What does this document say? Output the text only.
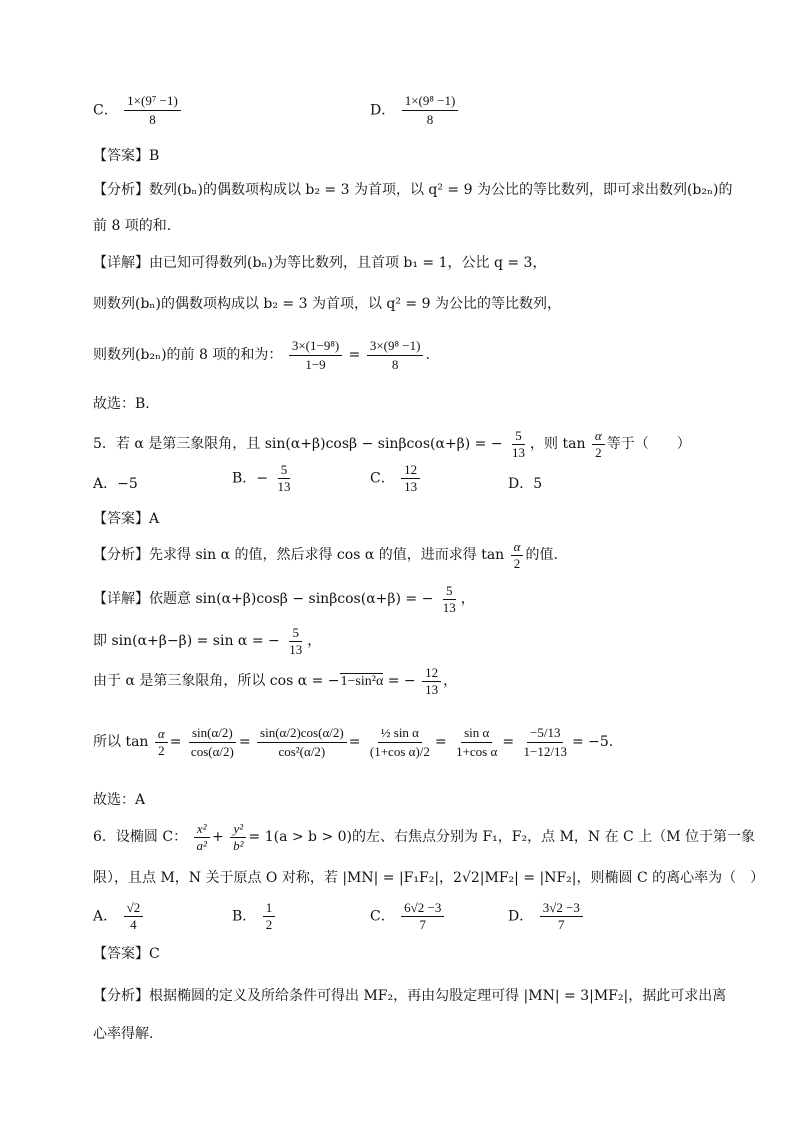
C． $\frac{\text{1×(9⁷ −1)}}{8}$	D． $\frac{\text{1×(9⁸ −1)}}{8}$
【答案】B
【分析】数列(bₙ)的偶数项构成以 b₂ = 3 为首项，以 q² = 9 为公比的等比数列，即可求出数列(b₂ₙ)的
前 8 项的和.
【详解】由已知可得数列(bₙ)为等比数列，且首项 b₁ = 1，公比 q = 3，
则数列(bₙ)的偶数项构成以 b₂ = 3 为首项，以 q² = 9 为公比的等比数列，
则数列(b₂ₙ)的前 8 项的和为： $\frac{\text{3×(1−9⁸)}}{1-9} = \frac{\text{3×(9⁸ −1)}}{8}$ .
故选：B.
5．若 α 是第三象限角，且 sin(α+β)cosβ − sinβcos(α+β) = − $\frac{5}{13}$ ，则 $\tan \frac{\alpha}{2}$ 等于（　　）
A．−5	B．− $\frac{5}{13}$	C． $\frac{12}{13}$	D．5
【答案】A
【分析】先求得 sin α 的值，然后求得 cos α 的值，进而求得 $\tan \frac{\alpha}{2}$ 的值.
【详解】依题意 sin(α+β)cosβ − sinβcos(α+β) = − $\frac{5}{13}$ ，
即 sin(α+β−β) = sin α = − $\frac{5}{13}$ ，
由于 α 是第三象限角，所以 cos α = −1−sin²α = − $\frac{12}{13}$ ，
所以 $\tan \frac{\alpha}{2} = \frac{\sin(\alpha/2)}{\cos(\alpha/2)} = \frac{\sin(\alpha/2)\cos(\alpha/2)}{\text{cos²(α/2)}} = \frac{\text{½ sin α}}{\text{(1+cos α)/2}} = \frac{\text{sin α}}{\text{1+cos α}} = \frac{-5/13}{1-12/13} = -5$.
故选：A
6．设椭圆 C： $\frac{\text{x²}}{\text{a²}} + \frac{\text{y²}}{\text{b²}} = 1(a > b > 0)$的左、右焦点分别为 F₁，F₂，点 M，N 在 C 上（M 位于第一象
限），且点 M，N 关于原点 O 对称，若 |MN| = |F₁F₂|，2√2|MF₂| = |NF₂|，则椭圆 C 的离心率为（　）
A． $\frac{√2}{4}$	B． $\frac{1}{2}$	C． $\frac{6√2 -3}{7}$	D． $\frac{3√2 -3}{7}$
【答案】C
【分析】根据椭圆的定义及所给条件可得出 MF₂，再由勾股定理可得 |MN| = 3|MF₂|，据此可求出离
心率得解.
